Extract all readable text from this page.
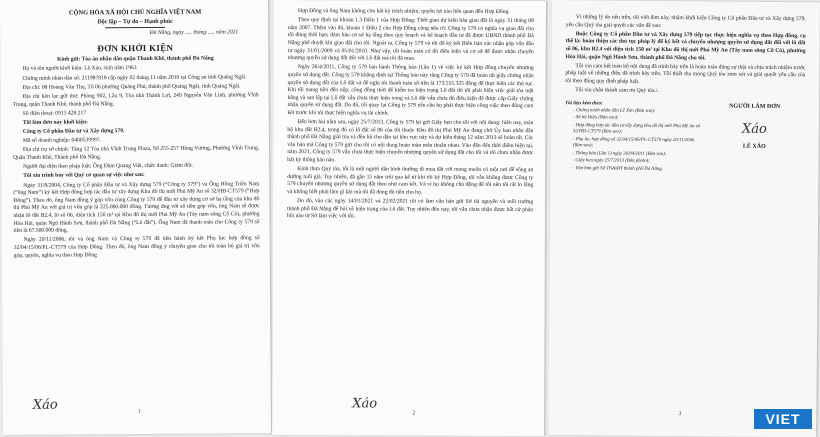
CỘNG HÒA XÃ HỘI CHỦ NGHĨA VIỆT NAM
Độc lập – Tự do – Hạnh phúc
Đà Nẵng, ngày ..... tháng ..... năm 2021
ĐƠN KHỞI KIỆN

Kính gửi: Tòa án nhân dân quận Thanh Khê, thành phố Đà Nẵng

Họ và tên người khởi kiện: Lê Xáo, sinh năm 1963

Chứng minh nhân dân số: 211987818 cấp ngày 02 tháng 11 năm 2010 tại Công an tỉnh Quảng Ngãi.

Địa chỉ: 08 Hoàng Văn Thụ, Tổ 06 phường Quảng Phú, thành phố Quảng Ngãi, tỉnh Quảng Ngãi.

Địa chỉ liên lạc gửi thư: Phòng 902, Lầu 9, Tòa nhà Thành Lợi, 249 Nguyễn Văn Linh, phường Vĩnh Trung, quận Thanh Khê, thành phố Đà Nẵng.

Số điện thoại: 0913 428 217

Tôi làm đơn này khởi kiện:

Công ty Cổ phần Đầu tư và Xây dựng 579.

Mã số doanh nghiệp: 0400539997.

Địa chỉ trụ sở chính: Tầng 12 Tòa nhà Vĩnh Trung Plaza, Số 255-257 Hùng Vương, Phường Vĩnh Trung, Quận Thanh Khê, Thành phố Đà Nẵng.

Người đại diện theo pháp luật: Ông Đàm Quang Việt, chức danh: Giám đốc.

Tôi xin trình bày với Quý cơ quan sự việc như sau:

Ngày 31/8/2004, Công ty Cổ phần Đầu tư và Xây dựng 579 (“Công ty 579”) và Ông Hồng Triều Nam (“ông Nam”) ký kết Hợp đồng hợp tác đầu tư xây dựng Khu đô thị mới Phú Mỹ An số 32/HĐ-CT579 (“Hợp Đồng”). Theo đó, ông Nam đồng ý góp vốn cùng Công ty 579 để đầu tư xây dựng cơ sở hạ tầng của khu đô thị Phú Mỹ An với giá trị vốn góp là 225.000.000 đồng. Tương ứng với số tiền góp vốn, ông Nam sẽ được nhận lô đất B2.4, lô số 06, diện tích 150 m² tại Khu đô thị mới Phú Mỹ An (Tây nam sông Cổ Cò), phường Hòa Hải, quận Ngũ Hành Sơn, thành phố Đà Nẵng (“Lô đất”). Ông Nam đã thanh toán cho Công ty 579 số tiền là 67.500.000 đồng.

Ngày 20/11/2006, tôi và ông Nam và Công ty 579 đã tiến hành ký kết Phụ lục hợp đồng số 32/04/15/06/PL-CT579 của Hợp Đồng. Theo đó, ông Nam đồng ý chuyển giao cho tôi toàn bộ giá trị vốn góp, quyền, nghĩa vụ theo Hợp Đồng

Xáo	1

Hợp Đồng và ông Nam không còn bất kỳ trách nhiệm, quyền lợi nào liên quan đến Hợp Đồng.

Theo quy định tại khoản 1.3 Điều 1 của Hợp Đồng: Thời gian dự kiến bàn giao đất là ngày 31 tháng 08 năm 2007. Thêm vào đó, khoản 1 Điều 2 của Hợp Đồng cũng nêu rõ: Công ty 579 có nghĩa vụ giao đất cho tôi đúng thời hạn; đảm bảo cơ sở hạ tầng theo quy hoạch và kế hoạch đầu tư đã được UBND thành phố Đà Nẵng phê duyệt khi giao đất cho tôi. Ngoài ra, Công ty 579 và tôi đã ký kết Biên bản xác nhận góp vốn đầu tư ngày 31/01/2009 và 05/01/2010. Như vậy, tôi hoàn toàn có đủ điều kiện và cơ sở để được nhận chuyển nhượng quyền sử dụng đất đối với Lô đất mà tôi đã mua.

Ngày 26/4/2011, Công ty 579 ban hành Thông báo (Lần 1) về việc ký kết Hợp đồng chuyển nhượng quyền sử dụng đất. Công ty 579 khẳng định tại Thông báo này rằng Công ty 579 đã hoàn tất giấy chứng nhận quyền sử dụng đất của Lô đất và đề nghị tôi thanh toán số tiền là 173.555.325 đồng để thực hiện các thủ tục. Khi tôi mang tiền đến nộp, công đồng thời để kiểm tra hiện trạng Lô đất thì tôi phát hiện việc giải tỏa mặt bằng và san lấp tại Lô đất vẫn chưa thực hiện xong và Lô đất vẫn chưa đủ điều kiện để được cấp Giấy chứng nhận quyền sử dụng đất. Do đó, tôi quay lại Công ty 579 yêu cầu họ phải thực hiện công việc theo đúng cam kết trước khi tôi thực hiện nghĩa vụ tài chính.

Đến hơn hai năm sau, ngày 25/7/2013, Công ty 579 lại gửi Giấy hẹn cho tôi với nội dung: hiện nay, toàn bộ khu đất B2.4, trong đó có lô đất số 06 của tôi thuộc Khu đô thị Phú Mỹ An đang chờ Ủy ban nhân dân thành phố Đà Nẵng giải tỏa và đền bù cho dân tại khu vực này và dự kiến tháng 12 năm 2013 sẽ hoàn tất. Các văn bản mà Công ty 579 gửi cho tôi có nội dung hoàn toàn mâu thuẫn nhau. Vào đến đến thời điểm hiện tại, năm 2021, Công ty 579 vẫn chưa thực hiện chuyển nhượng quyền sử dụng đất cho tôi và tôi chưa nhận được bất kỳ thông báo nào.

Kính thưa Quý tòa, tôi là một người dân bình thường đi mua đất với mong muốn có một nơi để sống an dưỡng tuổi già. Tuy nhiên, đã gần 15 năm trôi qua kể từ khi tôi ký Hợp Đồng, tôi vẫn không được Công ty 579 chuyển nhượng quyền sử dụng đất theo như cam kết. Và vì họ không chủ động để tôi nên tôi rất lo lắng và không biết phải làm gì khi mà tôi đã đóng đủ tiền cho họ.

Do đó, vào các ngày 14/01/2021 và 22/02/2021 tôi có làm văn bản gửi Sở tài nguyên và môi trường thành phố Đà Nẵng để hỏi về hiện trạng của Lô đất. Tuy nhiên đến nay, tôi vẫn chưa nhận được bất cứ phản hồi nào từ Sở làm việc với tôi.

Xáo
2

Vì những lý do nêu trên, tôi viết đơn này, nhằm khởi kiện Công ty Cổ phần Đầu tư và Xây dựng 579, yêu cầu Quý tòa giải quyết các vấn đề sau:

Buộc Công ty Cổ phần Đầu tư và Xây dựng 579 tiếp tục thực hiện nghĩa vụ theo Hợp đồng, cụ thể là: hoàn thiện các thủ tục pháp lý để ký kết và chuyển nhượng quyền sử dụng đất đối với lô đất số 06, khu B2.4 với diện tích 150 m² tại Khu đô thị mới Phú Mỹ An (Tây nam sông Cổ Cò), phường Hòa Hải, quận Ngũ Hành Sơn, thành phố Đà Nẵng cho tôi.

Tôi xin cam kết toàn bộ nội dung đã trình bày trên là hoàn toàn đúng sự thật và chịu trách nhiệm trước pháp luật về những điều đã trình bày trên. Tôi thiết tha mong Quý tòa xem xét và giải quyết yêu cầu của tôi theo đúng quy định pháp luật.

Tôi xin chân thành cảm ơn Quý tòa./.

Tài liệu kèm theo:
- Chứng minh nhân dân Lê Xáo (Bản sao);
- Sổ hộ khẩu (Bản sao);
- Hợp đồng hợp tác đầu tư xây dựng khu đô thị mới Phú Mỹ An số 32/HĐ-CT579 (Bản sao);
- Phụ lục hợp đồng số 32/04/15/06/PL-CT579 ngày 20/11/2006 (Bản sao);
- Thông báo (Lần 1) ngày 26/04/2011 (Bản sao);
- Giấy hẹn ngày 25/7/2013 (Bản photo);
- Văn bản gửi Sở TN&MT thành phố Đà Nẵng.
NGƯỜI LÀM ĐƠN
Xáo
LÊ XÁO
3	VIET
